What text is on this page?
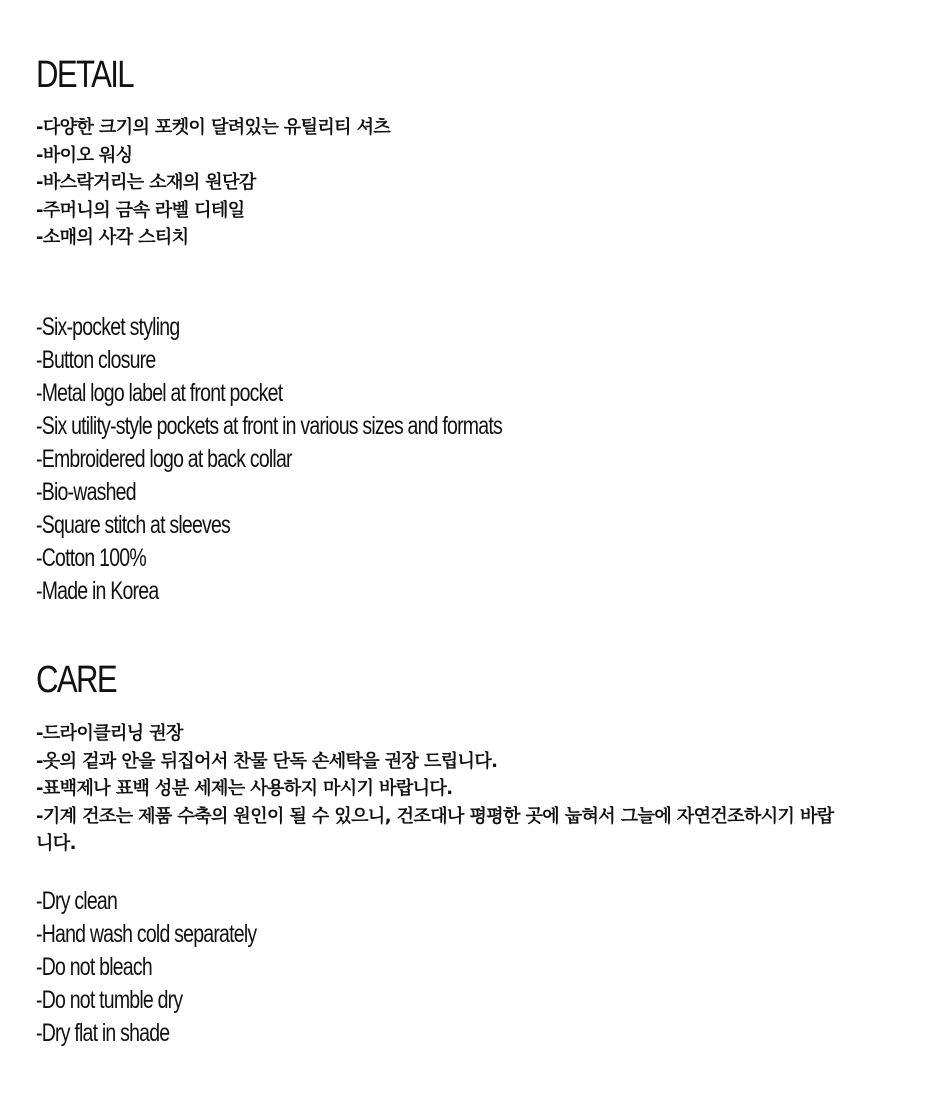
DETAIL
-다양한 크기의 포켓이 달려있는 유틸리티 셔츠
-바이오 워싱
-바스락거리는 소재의 원단감
-주머니의 금속 라벨 디테일
-소매의 사각 스티치
-Six-pocket styling
-Button closure
-Metal logo label at front pocket
-Six utility-style pockets at front in various sizes and formats
-Embroidered logo at back collar
-Bio-washed
-Square stitch at sleeves
-Cotton 100%
-Made in Korea
CARE
-드라이클리닝 권장
-옷의 겉과 안을 뒤집어서 찬물 단독 손세탁을 권장 드립니다.
-표백제나 표백 성분 세제는 사용하지 마시기 바랍니다.
-기계 건조는 제품 수축의 원인이 될 수 있으니, 건조대나 평평한 곳에 눕혀서 그늘에 자연건조하시기 바랍니다.
-Dry clean
-Hand wash cold separately
-Do not bleach
-Do not tumble dry
-Dry flat in shade
